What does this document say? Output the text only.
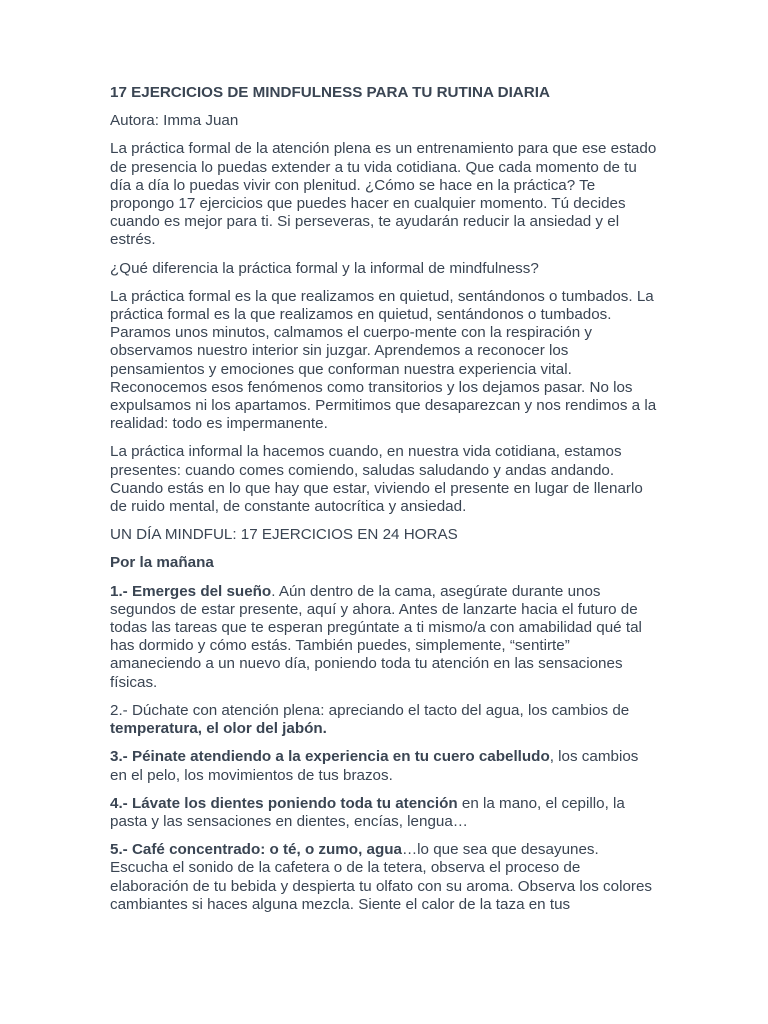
17 EJERCICIOS DE MINDFULNESS PARA TU RUTINA DIARIA

Autora: Imma Juan

La práctica formal de la atención plena es un entrenamiento para que ese estado de presencia lo puedas extender a tu vida cotidiana. Que cada momento de tu día a día lo puedas vivir con plenitud. ¿Cómo se hace en la práctica? Te propongo 17 ejercicios que puedes hacer en cualquier momento. Tú decides cuando es mejor para ti. Si perseveras, te ayudarán reducir la ansiedad y el estrés.

¿Qué diferencia la práctica formal y la informal de mindfulness?

La práctica formal es la que realizamos en quietud, sentándonos o tumbados. La práctica formal es la que realizamos en quietud, sentándonos o tumbados. Paramos unos minutos, calmamos el cuerpo-mente con la respiración y observamos nuestro interior sin juzgar. Aprendemos a reconocer los pensamientos y emociones que conforman nuestra experiencia vital. Reconocemos esos fenómenos como transitorios y los dejamos pasar. No los expulsamos ni los apartamos. Permitimos que desaparezcan y nos rendimos a la realidad: todo es impermanente.

La práctica informal la hacemos cuando, en nuestra vida cotidiana, estamos presentes: cuando comes comiendo, saludas saludando y andas andando. Cuando estás en lo que hay que estar, viviendo el presente en lugar de llenarlo de ruido mental, de constante autocrítica y ansiedad.

UN DÍA MINDFUL: 17 EJERCICIOS EN 24 HORAS

Por la mañana

1.- Emerges del sueño. Aún dentro de la cama, asegúrate durante unos segundos de estar presente, aquí y ahora. Antes de lanzarte hacia el futuro de todas las tareas que te esperan pregúntate a ti mismo/a con amabilidad qué tal has dormido y cómo estás. También puedes, simplemente, “sentirte” amaneciendo a un nuevo día, poniendo toda tu atención en las sensaciones físicas.

2.- Dúchate con atención plena: apreciando el tacto del agua, los cambios de temperatura, el olor del jabón.

3.- Péinate atendiendo a la experiencia en tu cuero cabelludo, los cambios en el pelo, los movimientos de tus brazos.

4.- Lávate los dientes poniendo toda tu atención en la mano, el cepillo, la pasta y las sensaciones en dientes, encías, lengua…

5.- Café concentrado: o té, o zumo, agua…lo que sea que desayunes. Escucha el sonido de la cafetera o de la tetera, observa el proceso de elaboración de tu bebida y despierta tu olfato con su aroma. Observa los colores cambiantes si haces alguna mezcla. Siente el calor de la taza en tus
